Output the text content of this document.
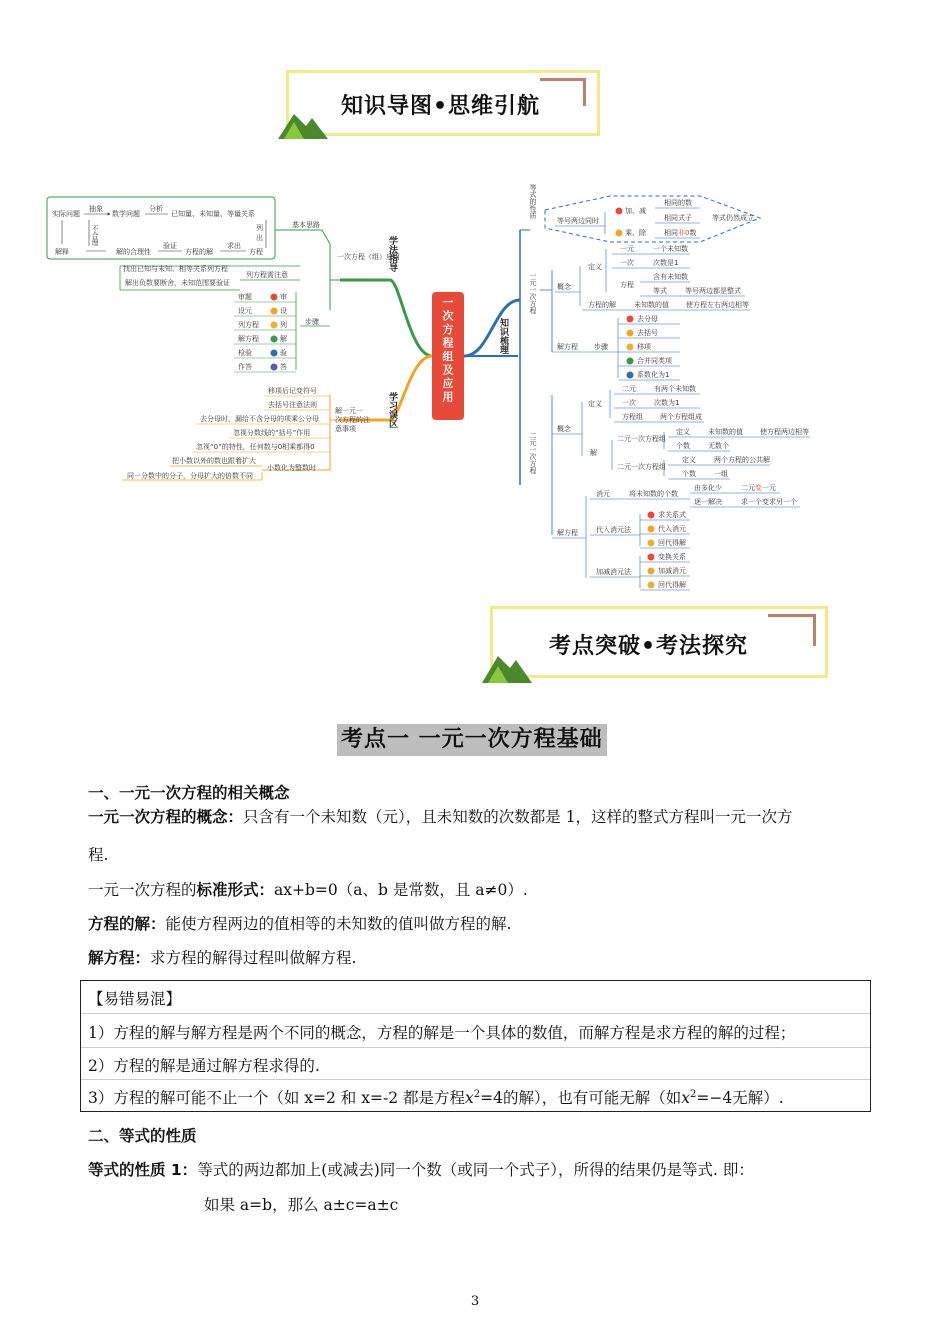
知识导图•思维引航
知识梳理
学法指导
学习误区
等式的性质
等号两边同时
加、减
乘、除
相同的数
相同式子
相同非0数
等式仍然成立
一元一次方程	概念
定义
一元	一个未知数
一次	次数是1
方程
含有未知数
等式	等号两边都是整式
方程的解	未知数的值 使方程左右两边相等
解方程 步骤
去分母
去括号
移项
合并同类项
系数化为1
二元一次方程
概念
定义
二元	有两个未知数
一次	次数为1
方程组 两个方程组成
解
二元一次方程组
二元一次方程组
定义	未知数的值 使方程两边相等
个数	无数个
定义	两个方程的公共解
个数	一组
解方程
消元	将未知数的个数
由多化少	二元变一元
逐一解决	求一个变求另一个
代入消元法
求关系式
代入消元
回代得解
加减消元法
变换关系
加减消元
回代得解
实际问题
抽象
数学问题
分析
已知量、未知量、等量关系
列
出
方程
求出
方程的解
验证
解的合理性
不合理
解释
基本思路
一次方程（组）应用
找出已知与未知、相等关系列方程
列方程需注意
解出负数要断舍，未知范围要验证
步骤
审题	审
设元	设
列方程	列
解方程	解
检验	验
作答	答
移项后记变符号
去括号注意法则
去分母时，漏给不含分母的项乘公分母
忽视分数线的“括号”作用
忽视“0”的特性，任何数与0相乘都得0
小数化为整数时
把小数以外的数也跟着扩大
同一分数中的分子，分母扩大的倍数不同
一
次
方
程
组
及
应
用
解一元一
次方程的注
意事项
考点突破•考法探究
考点一 一元一次方程基础
一、一元一次方程的相关概念
一元一次方程的概念：只含有一个未知数（元），且未知数的次数都是 1，这样的整式方程叫一元一次方
程.
一元一次方程的标准形式：ax+b=0（a、b 是常数，且 a≠0）.
方程的解：能使方程两边的值相等的未知数的值叫做方程的解.
解方程：求方程的解得过程叫做解方程.
【易错易混】
1）方程的解与解方程是两个不同的概念，方程的解是一个具体的数值，而解方程是求方程的解的过程；
2）方程的解是通过解方程求得的.
3）方程的解可能不止一个（如 x=2 和 x=-2 都是方程$x^2=4$的解），也有可能无解（如$x^2=-4$无解）.
二、等式的性质
等式的性质 1：等式的两边都加上(或减去)同一个数（或同一个式子），所得的结果仍是等式. 即：
如果 a=b，那么 a±c=a±c
3
